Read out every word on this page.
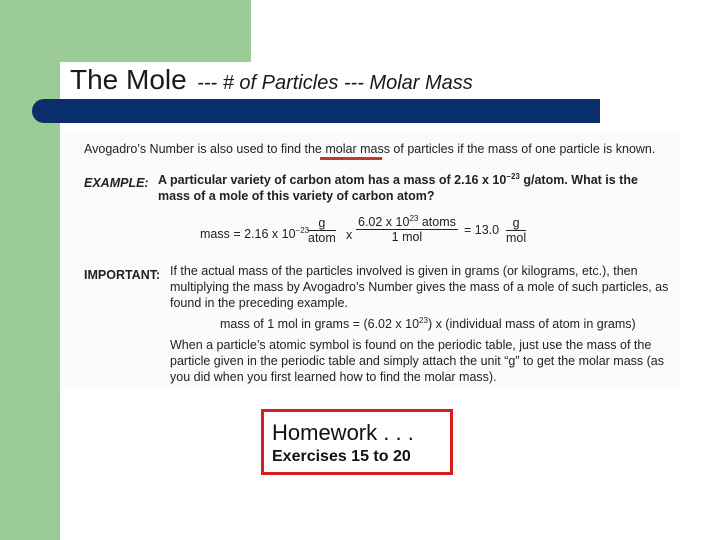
The Mole --- # of Particles --- Molar Mass
Avogadro’s Number is also used to find the molar mass of particles if the mass of one particle is known.
EXAMPLE: A particular variety of carbon atom has a mass of 2.16 x $10^{-23}$ g/atom. What is the
mass of a mole of this variety of carbon atom?
mass = 2.16 x $10^{-23}$
g
atom x
6.02 x $10^{23}$ atoms
1 mol
= 13.0	g
mol
IMPORTANT: If the actual mass of the particles involved is given in grams (or kilograms, etc.), then
multiplying the mass by Avogadro’s Number gives the mass of a mole of such particles, as
found in the preceding example.
mass of 1 mol in grams = (6.02 x $10^{23}$) x (individual mass of atom in grams)
When a particle’s atomic symbol is found on the periodic table, just use the mass of the
particle given in the periodic table and simply attach the unit “g” to get the molar mass (as
you did when you first learned how to find the molar mass).
Homework . . .
Exercises 15 to 20
